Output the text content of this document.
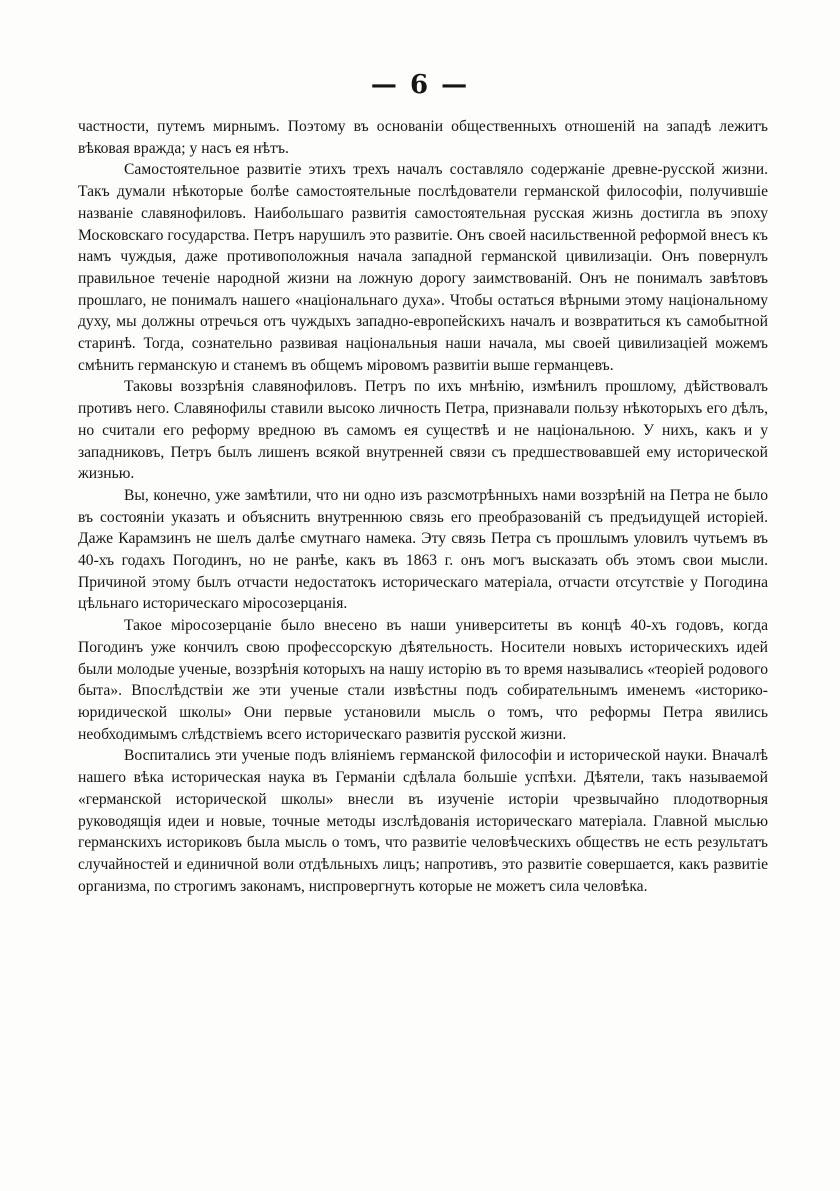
— 6 —

частности, путемъ мирнымъ. Поэтому въ основаніи общественныхъ отношеній на западѣ лежитъ вѣковая вражда; у насъ ея нѣтъ.

Самостоятельное развитіе этихъ трехъ началъ составляло содержаніе древне-русской жизни. Такъ думали нѣкоторые болѣе самостоятельные послѣдователи германской философіи, получившіе названіе славянофиловъ. Наибольшаго развитія самостоятельная русская жизнь достигла въ эпоху Московскаго государства. Петръ нарушилъ это развитіе. Онъ своей насильственной реформой внесъ къ намъ чуждыя, даже противоположныя начала западной германской цивилизаціи. Онъ повернулъ правильное теченіе народной жизни на ложную дорогу заимствованій. Онъ не понималъ завѣтовъ прошлаго, не понималъ нашего «національнаго духа». Чтобы остаться вѣрными этому національному духу, мы должны отречься отъ чуждыхъ западно-европейскихъ началъ и возвратиться къ самобытной старинѣ. Тогда, сознательно развивая національныя наши начала, мы своей цивилизаціей можемъ смѣнить германскую и станемъ въ общемъ міровомъ развитіи выше германцевъ.

Таковы воззрѣнія славянофиловъ. Петръ по ихъ мнѣнію, измѣнилъ прошлому, дѣйствовалъ противъ него. Славянофилы ставили высоко личность Петра, признавали пользу нѣкоторыхъ его дѣлъ, но считали его реформу вредною въ самомъ ея существѣ и не національною. У нихъ, какъ и у западниковъ, Петръ былъ лишенъ всякой внутренней связи съ предшествовавшей ему исторической жизнью.

Вы, конечно, уже замѣтили, что ни одно изъ разсмотрѣнныхъ нами воззрѣній на Петра не было въ состояніи указать и объяснить внутреннюю связь его преобразованій съ предъидущей исторіей. Даже Карамзинъ не шелъ далѣе смутнаго намека. Эту связь Петра съ прошлымъ уловилъ чутьемъ въ 40-хъ годахъ Погодинъ, но не ранѣе, какъ въ 1863 г. онъ могъ высказать объ этомъ свои мысли. Причиной этому былъ отчасти недостатокъ историческаго матеріала, отчасти отсутствіе у Погодина цѣльнаго историческаго міросозерцанія.

Такое міросозерцаніе было внесено въ наши университеты въ концѣ 40-хъ годовъ, когда Погодинъ уже кончилъ свою профессорскую дѣятельность. Носители новыхъ историческихъ идей были молодые ученые, воззрѣнія которыхъ на нашу исторію въ то время назывались «теоріей родового быта». Впослѣдствіи же эти ученые стали извѣстны подъ собирательнымъ именемъ «историко-юридической школы» Они первые установили мысль о томъ, что реформы Петра явились необходимымъ слѣдствіемъ всего историческаго развитія русской жизни.

Воспитались эти ученые подъ вліяніемъ германской философіи и исторической науки. Вначалѣ нашего вѣка историческая наука въ Германіи сдѣлала большіе успѣхи. Дѣятели, такъ называемой «германской исторической школы» внесли въ изученіе исторіи чрезвычайно плодотворныя руководящія идеи и новые, точные методы изслѣдованія историческаго матеріала. Главной мыслью германскихъ историковъ была мысль о томъ, что развитіе человѣческихъ обществъ не есть результатъ случайностей и единичной воли отдѣльныхъ лицъ; напротивъ, это развитіе совершается, какъ развитіе организма, по строгимъ законамъ, ниспровергнуть которые не можетъ сила человѣка.
